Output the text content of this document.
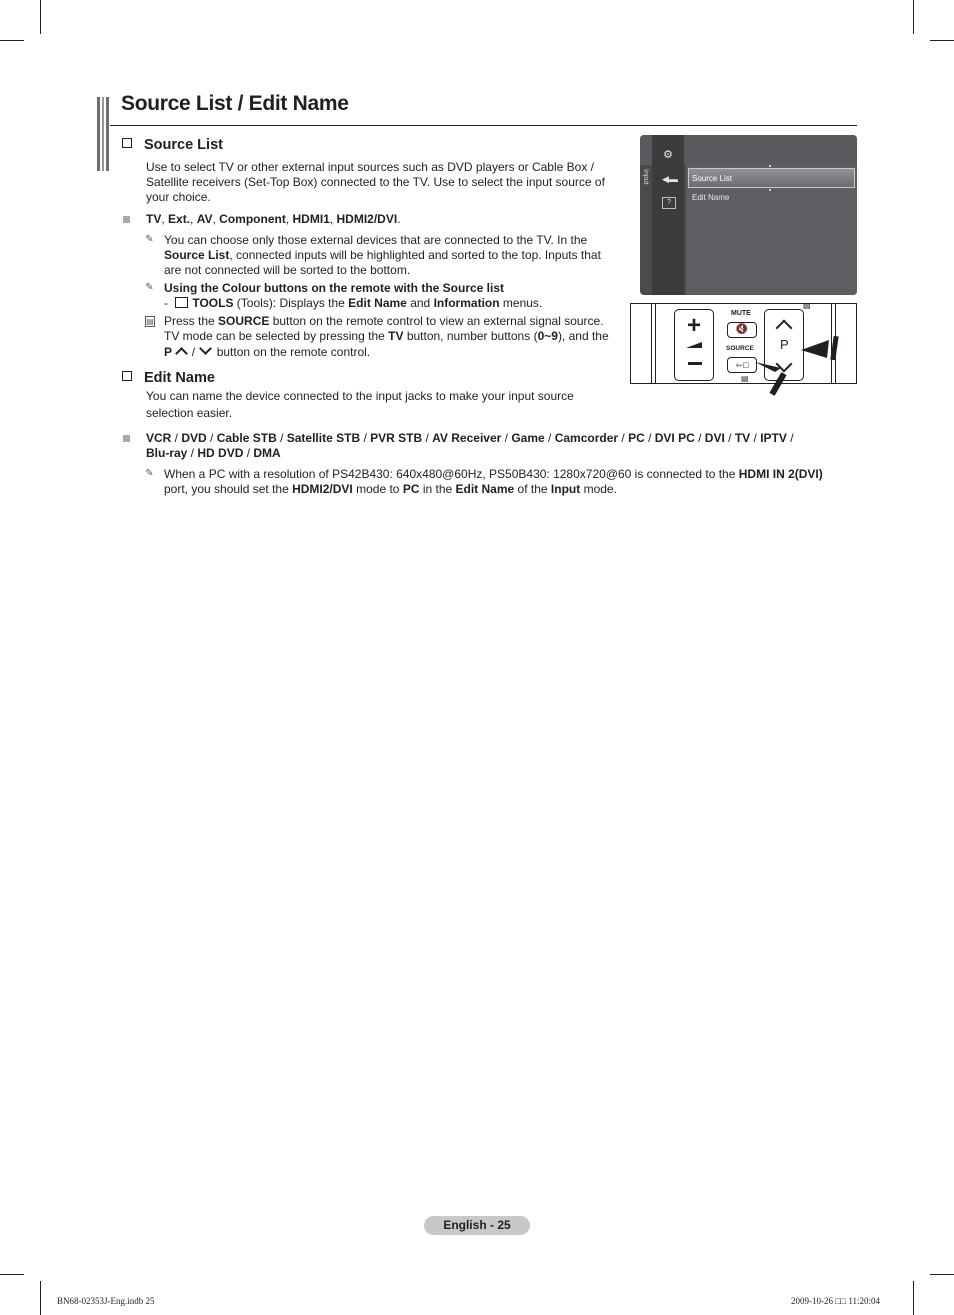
Source List / Edit Name
Source List
Use to select TV or other external input sources such as DVD players or Cable Box /
Satellite receivers (Set-Top Box) connected to the TV. Use to select the input source of
your choice.
TV, Ext., AV, Component, HDMI1, HDMI2/DVI.
✎ You can choose only those external devices that are connected to the TV. In the
Source List, connected inputs will be highlighted and sorted to the top. Inputs that
are not connected will be sorted to the bottom.
✎ Using the Colour buttons on the remote with the Source list
- TOOLS (Tools): Displays the Edit Name and Information menus.
▤ Press the SOURCE button on the remote control to view an external signal source.
TV mode can be selected by pressing the TV button, number buttons (0~9), and the
P  /  button on the remote control.
Edit Name
You can name the device connected to the input jacks to make your input source
selection easier.
VCR / DVD / Cable STB / Satellite STB / PVR STB / AV Receiver / Game / Camcorder / PC / DVI PC / DVI / TV / IPTV /
Blu-ray / HD DVD / DMA
✎ When a PC with a resolution of PS42B430: 640x480@60Hz, PS50B430: 1280x720@60 is connected to the HDMI IN 2(DVI)
port, you should set the HDMI2/DVI mode to PC in the Edit Name of the Input mode.
Input
⚙
◀▬
?
Source List
Edit Name
+	MUTE
🔇
SOURCE
⇽□
▤
▤
P
English - 25
BN68-02353J-Eng.indb 25	2009-10-26 □□ 11:20:04
